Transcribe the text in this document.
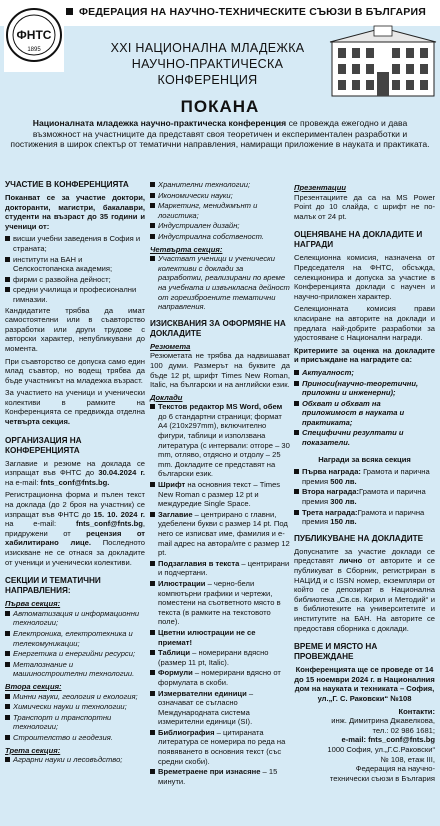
ФНТС
1895
ФЕДЕРАЦИЯ НА НАУЧНО-ТЕХНИЧЕСКИТЕ СЪЮЗИ В БЪЛГАРИЯ
XXI НАЦИОНАЛНА МЛАДЕЖКА
НАУЧНО-ПРАКТИЧЕСКА КОНФЕРЕНЦИЯ
ПОКАНА
Националната младежка научно-практическа конференция се провежда ежегодно и дава възможност на участниците да представят своя теоретичен и експериментален разработки и постижения в широк спектър от тематични направления, намиращи приложение в науката и практиката.
УЧАСТИЕ В КОНФЕРЕНЦИЯТА

Поканват се за участие доктори, докторанти, магистри, бакалаври, студенти на възраст до 35 години и ученици от:

висши учебни заведения в София и страната;
институти на БАН и Селскостопанска академия;
фирми с развойна дейност;
средни училища и професионални гимназии.

Кандидатите трябва да имат самостоятелни или в съавторство разработки или други трудове с авторски характер, непубликувани до момента.

При съавторство се допуска само един млад съавтор, но водещ трябва да бъде участникът на младежка възраст.

За участието на ученици и ученически колективи в рамките на Конференцията се предвижда отделна четвърта секция.

ОРГАНИЗАЦИЯ НА КОНФЕРЕНЦИЯТА

Заглавие и резюме на доклада се изпращат във ФНТС до 30.04.2024 г. на e-mail: fnts_conf@fnts.bg.

Регистрационна форма и пълен текст на доклада (до 2 броя на участник) се изпращат във ФНТС до 15. 10. 2024 г. на e-mail: fnts_conf@fnts.bg, придружени от рецензия от хабилитирано лице. Последното изискване не се отнася за докладите от ученици и ученически колективи.

СЕКЦИИ И ТЕМАТИЧНИ НАПРАВЛЕНИЯ:
Първа секция:
Автоматизация и информационни технологии;
Електроника, електротехника и телекомуникации;
Енергетика и енергийни ресурси;
Металознание и машиностроителни технологии.
Втора секция:
Минни науки, геология и екология;
Химически науки и технологии;
Транспорт и транспортни технологии;
Строителство и геодезия.
Трета секция:
Аграрни науки и лесовъдство;
Хранителни технологии;
Икономически науки;
Маркетинг, мениджмънт и логистика;
Индустриален дизайн;
Индустриална собственост.
Четвърта секция:
Участват ученици и ученически колективи с доклади за разработки, реализирани по време на учебната и извънкласна дейност от гореизброените тематични направления.
ИЗИСКВАНИЯ ЗА ОФОРМЯНЕ НА ДОКЛАДИТЕ
Резюмета

Резюметата не трябва да надвишават 100 думи. Размерът на буквите да бъде 12 pt, шрифт Times New Roman, Italic, на български и на английски език.

Доклади
Текстов редактор MS Word, обем до 6 стандартни страници; формат А4 (210x297mm), включително фигури, таблици и използвана литература (с интервали: отгоре – 30 mm, отляво, отдясно и отдолу – 25 mm. Докладите се представят на български език.
Шрифт на основния текст – Times New Roman с размер 12 pt и междуредие Single Space.
Заглавие – центрирано с главни, удебелени букви с размер 14 pt. Под него се изписват име, фамилия и e-mail адрес на автора/ите с размер 12 pt.
Подзаглавия в текста – центрирани и подчертани.
Илюстрации – черно-бели компютърни графики и чертежи, поместени на съответното място в текста (в рамките на текстовото поле).
Цветни илюстрации не се приемат!
Таблици – номерирани вдясно (размер 11 pt, Italic).
Формули – номерирани вдясно от формулата в скоби.
Измервателни единици – означават се съгласно Международната система измерителни единици (SI).
Библиография – цитираната литература се номерира по реда на появяването в основния текст (със средни скоби).
Времетраене при изнасяне – 15 минути.
Презентации

Презентациите да са на MS Power Point до 10 слайда, с шрифт не по-малък от 24 pt.

ОЦЕНЯВАНЕ НА ДОКЛАДИТЕ И НАГРАДИ

Селекционна комисия, назначена от Председателя на ФНТС, обсъжда, селекционира и допуска за участие в Конференцията доклади с научен и научно-приложен характер.

Селекционната комисия прави класиране на авторите на доклади и предлага най-добрите разработки за удостояване с Национални награди.

Критериите за оценка на докладите и присъждане на наградите са:

Актуалност;
Приноси(научно-теоретични, приложни и инженерни);
Обхват и обхват на приложимост в науката и практиката;
Специфични резултати и показатели.

Награди за всяка секция

Първа награда: Грамота и парична премия 500 лв.
Втора награда:Грамота и парична премия 300 лв.
Трета награда:Грамота и парична премия 150 лв.
ПУБЛИКУВАНЕ НА ДОКЛАДИТЕ

Допуснатите за участие доклади се представят лично от авторите и се публикуват в Сборник, регистриран в НАЦИД и с ISSN номер, екземпляри от който се депозират в Национална библиотека „Св.св. Кирил и Методий“ и в библиотеките на университетите и институтите на БАН. На авторите се предоставя сборника с доклади.

ВРЕМЕ И МЯСТО НА ПРОВЕЖДАНЕ

Конференцията ще се проведе от 14 до 15 ноември 2024 г. в Националния дом на науката и техниката – София, ул.„Г. С. Раковски“ №108

Контакти:
инж. Димитрина Джавелкова,
тел.: 02 986 1681;
e-mail: fnts_conf@fnts.bg
1000 София, ул.„Г.С.Раковски“
№ 108, етаж III,
Федерация на научно-
технически съюзи в България
